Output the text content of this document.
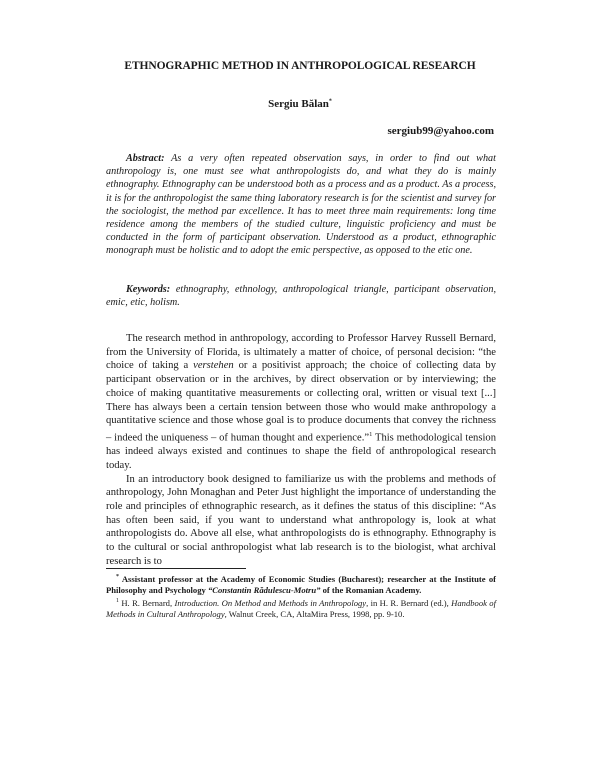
ETHNOGRAPHIC METHOD IN ANTHROPOLOGICAL RESEARCH
Sergiu Bălan*
sergiub99@yahoo.com
Abstract: As a very often repeated observation says, in order to find out what anthropology is, one must see what anthropologists do, and what they do is mainly ethnography. Ethnography can be understood both as a process and as a product. As a process, it is for the anthropologist the same thing laboratory research is for the scientist and survey for the sociologist, the method par excellence. It has to meet three main requirements: long time residence among the members of the studied culture, linguistic proficiency and must be conducted in the form of participant observation. Understood as a product, ethnographic monograph must be holistic and to adopt the emic perspective, as opposed to the etic one.
Keywords: ethnography, ethnology, anthropological triangle, participant observation, emic, etic, holism.

The research method in anthropology, according to Professor Harvey Russell Bernard, from the University of Florida, is ultimately a matter of choice, of personal decision: “the choice of taking a verstehen or a positivist approach; the choice of collecting data by participant observation or in the archives, by direct observation or by interviewing; the choice of making quantitative measurements or collecting oral, written or visual text [...] There has always been a certain tension between those who would make anthropology a quantitative science and those whose goal is to produce documents that convey the richness – indeed the uniqueness – of human thought and experience.”$^1$ This methodological tension has indeed always existed and continues to shape the field of anthropological research today.

In an introductory book designed to familiarize us with the problems and methods of anthropology, John Monaghan and Peter Just highlight the importance of understanding the role and principles of ethnographic research, as it defines the status of this discipline: “As has often been said, if you want to understand what anthropology is, look at what anthropologists do. Above all else, what anthropologists do is ethnography. Ethnography is to the cultural or social anthropologist what lab research is to the biologist, what archival research is to

* Assistant professor at the Academy of Economic Studies (Bucharest); researcher at the Institute of Philosophy and Psychology “Constantin Rădulescu-Motru” of the Romanian Academy.

$^1$ H. R. Bernard, Introduction. On Method and Methods in Anthropology, in H. R. Bernard (ed.), Handbook of Methods in Cultural Anthropology, Walnut Creek, CA, AltaMira Press, 1998, pp. 9-10.
